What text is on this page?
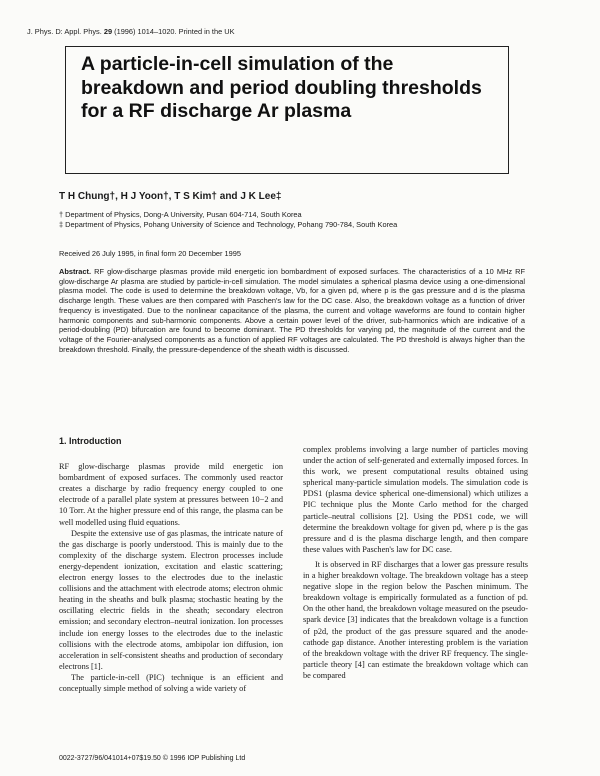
J. Phys. D: Appl. Phys. 29 (1996) 1014–1020. Printed in the UK
A particle-in-cell simulation of the breakdown and period doubling thresholds for a RF discharge Ar plasma
T H Chung†, H J Yoon†, T S Kim† and J K Lee‡

† Department of Physics, Dong-A University, Pusan 604-714, South Korea

‡ Department of Physics, Pohang University of Science and Technology, Pohang 790-784, South Korea

Received 26 July 1995, in final form 20 December 1995

Abstract. RF glow-discharge plasmas provide mild energetic ion bombardment of exposed surfaces. The characteristics of a 10 MHz RF glow-discharge Ar plasma are studied by particle-in-cell simulation. The model simulates a spherical plasma device using a one-dimensional plasma model. The code is used to determine the breakdown voltage, Vb, for a given pd, where p is the gas pressure and d is the plasma discharge length. These values are then compared with Paschen's law for the DC case. Also, the breakdown voltage as a function of driver frequency is investigated. Due to the nonlinear capacitance of the plasma, the current and voltage waveforms are found to contain higher harmonic components and sub-harmonic components. Above a certain power level of the driver, sub-harmonics which are indicative of a period-doubling (PD) bifurcation are found to become dominant. The PD thresholds for varying pd, the magnitude of the current and the voltage of the Fourier-analysed components as a function of applied RF voltages are calculated. The PD threshold is always higher than the breakdown threshold. Finally, the pressure-dependence of the sheath width is discussed.

1. Introduction

RF glow-discharge plasmas provide mild energetic ion bombardment of exposed surfaces. The commonly used reactor creates a discharge by radio frequency energy coupled to one electrode of a parallel plate system at pressures between 10−2 and 10 Torr. At the higher pressure end of this range, the plasma can be well modelled using fluid equations.

Despite the extensive use of gas plasmas, the intricate nature of the gas discharge is poorly understood. This is mainly due to the complexity of the discharge system. Electron processes include energy-dependent ionization, excitation and elastic scattering; electron energy losses to the electrodes due to the inelastic collisions and the attachment with electrode atoms; electron ohmic heating in the sheaths and bulk plasma; stochastic heating by the oscillating electric fields in the sheath; secondary electron emission; and secondary electron–neutral ionization. Ion processes include ion energy losses to the electrodes due to the inelastic collisions with the electrode atoms, ambipolar ion diffusion, ion acceleration in self-consistent sheaths and production of secondary electrons [1].

The particle-in-cell (PIC) technique is an efficient and conceptually simple method of solving a wide variety of

complex problems involving a large number of particles moving under the action of self-generated and externally imposed forces. In this work, we present computational results obtained using spherical many-particle simulation models. The simulation code is PDS1 (plasma device spherical one-dimensional) which utilizes a PIC technique plus the Monte Carlo method for the charged particle–neutral collisions [2]. Using the PDS1 code, we will determine the breakdown voltage for given pd, where p is the gas pressure and d is the plasma discharge length, and then compare these values with Paschen's law for DC case.

It is observed in RF discharges that a lower gas pressure results in a higher breakdown voltage. The breakdown voltage has a steep negative slope in the region below the Paschen minimum. The breakdown voltage is empirically formulated as a function of pd. On the other hand, the breakdown voltage measured on the pseudo-spark device [3] indicates that the breakdown voltage is a function of p2d, the product of the gas pressure squared and the anode-cathode gap distance. Another interesting problem is the variation of the breakdown voltage with the driver RF frequency. The single-particle theory [4] can estimate the breakdown voltage which can be compared

0022-3727/96/041014+07$19.50 © 1996 IOP Publishing Ltd
